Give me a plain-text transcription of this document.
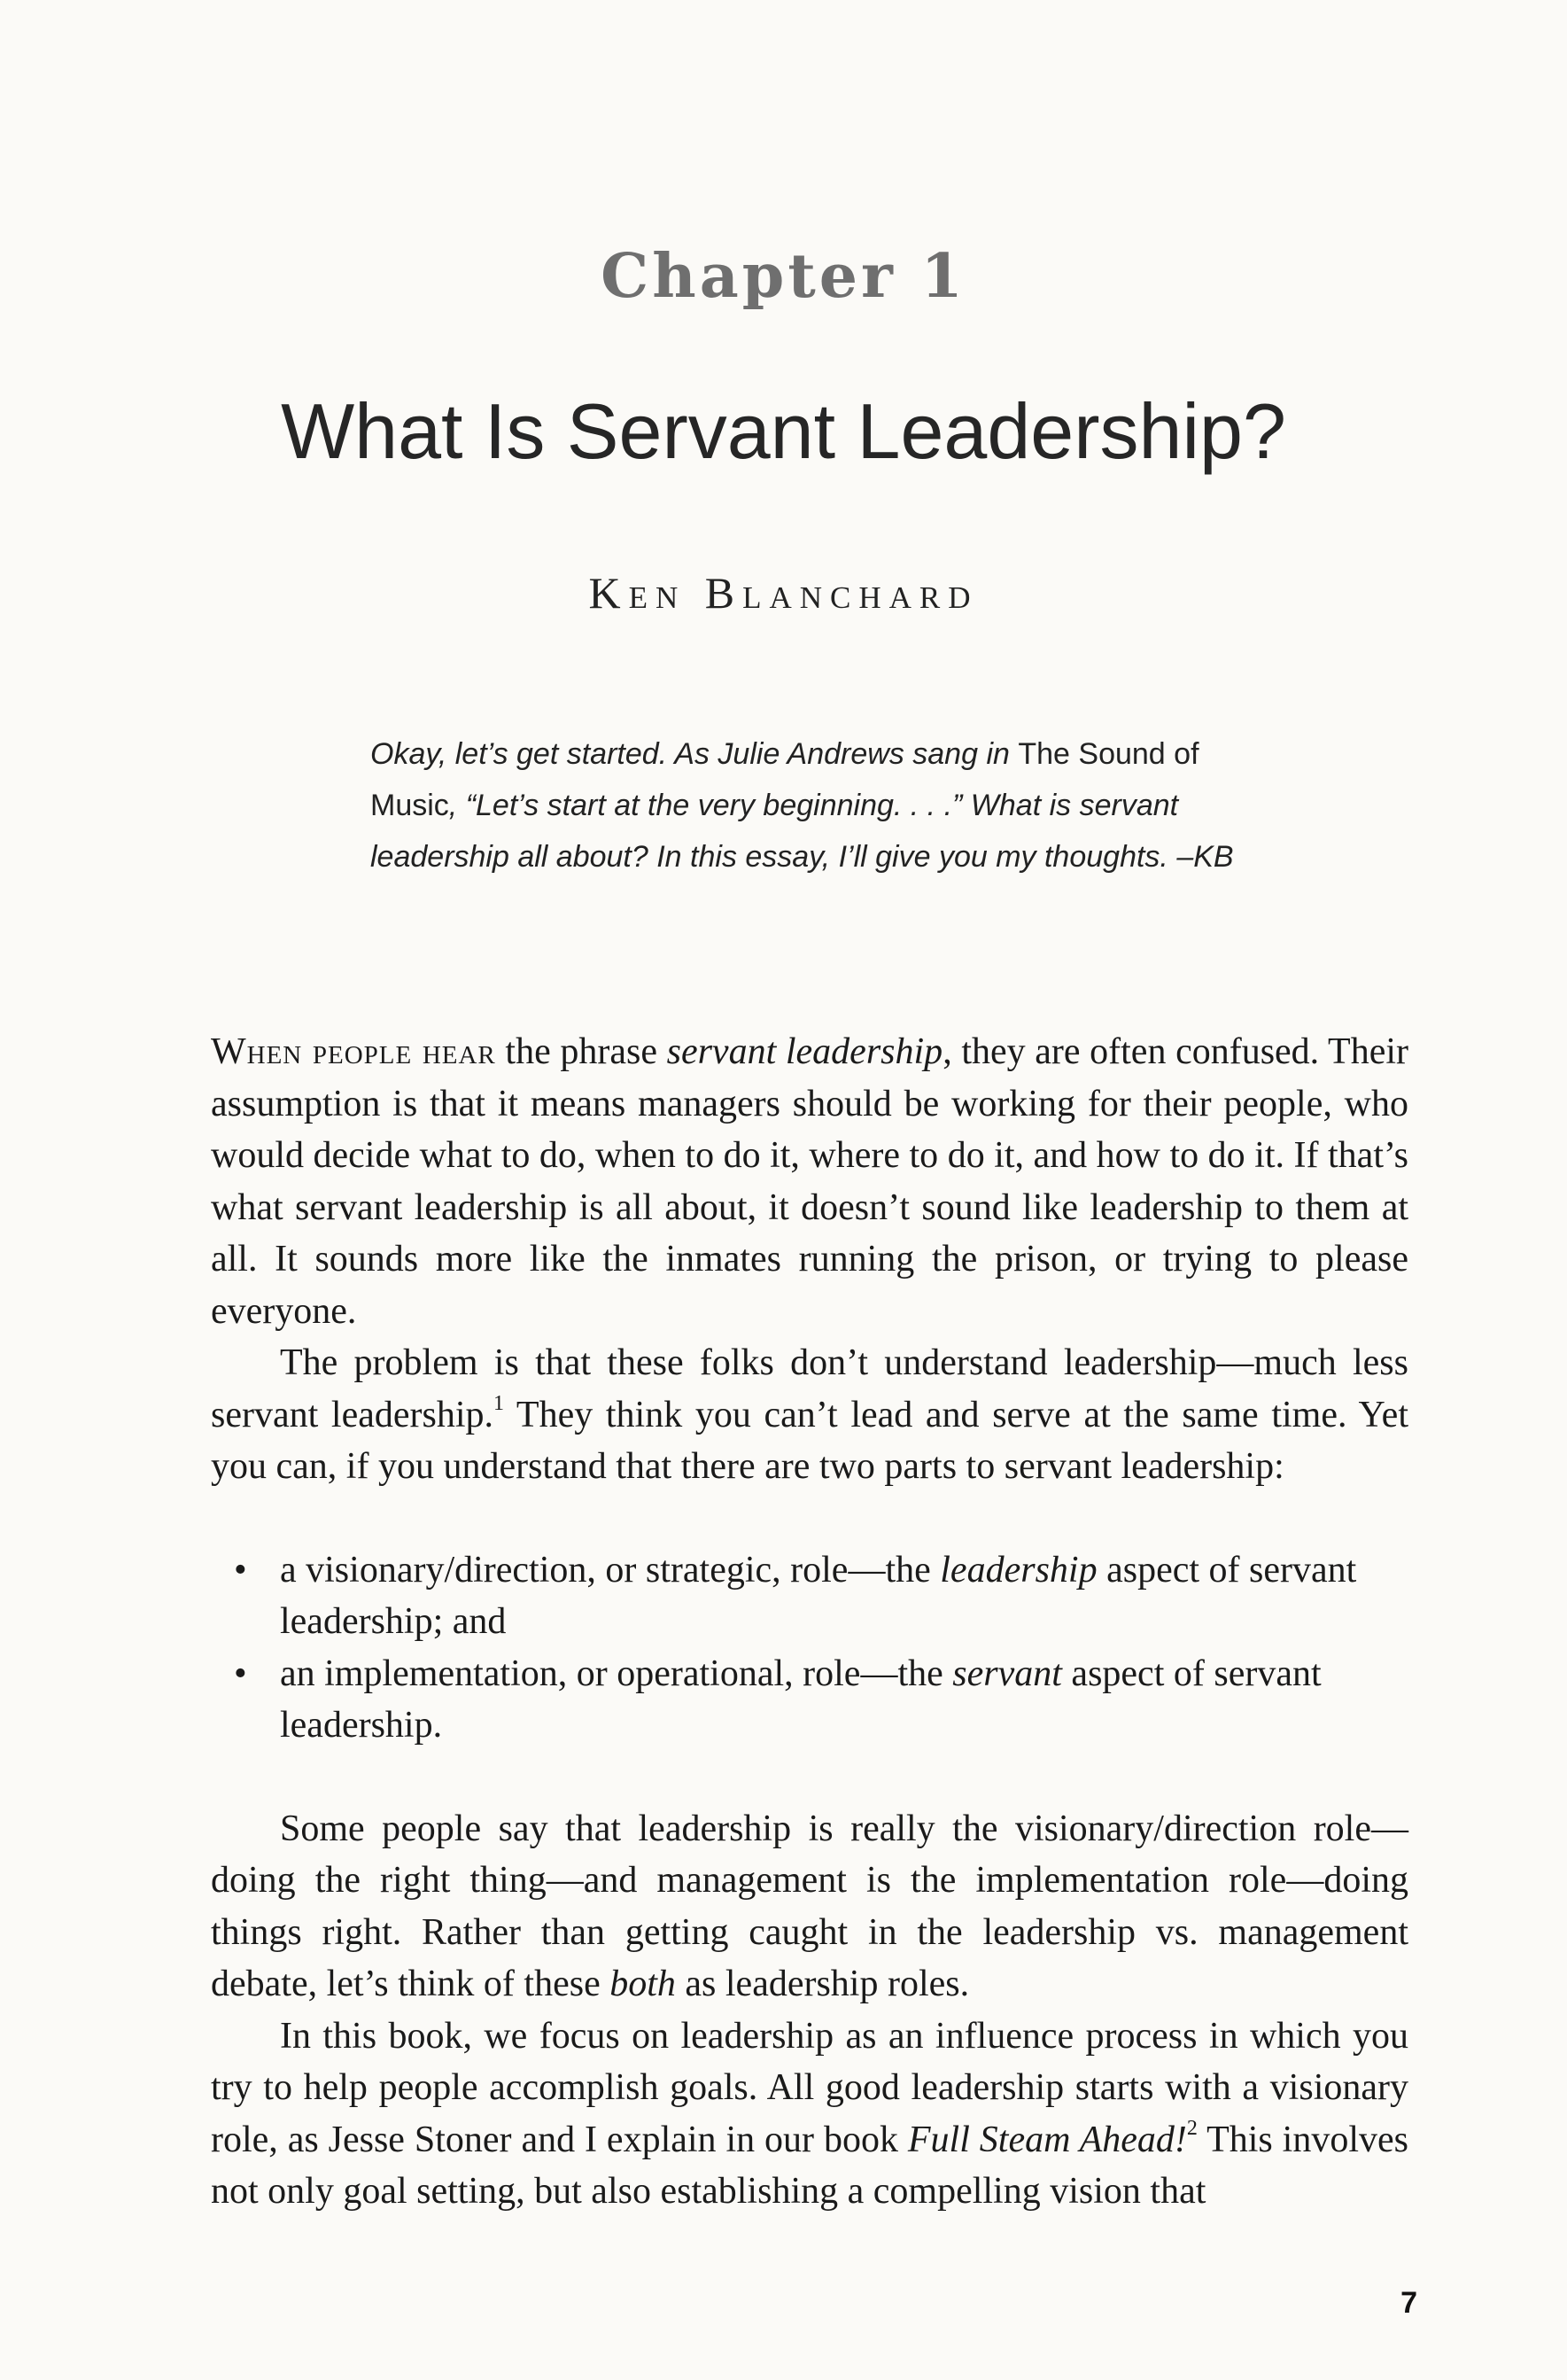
Chapter 1
What Is Servant Leadership?
Ken Blanchard

Okay, let’s get started. As Julie Andrews sang in The Sound of Music, “Let’s start at the very beginning. . . .” What is servant leadership all about? In this essay, I’ll give you my thoughts. –KB

When people hear the phrase servant leadership, they are often confused. Their assumption is that it means managers should be working for their people, who would decide what to do, when to do it, where to do it, and how to do it. If that’s what servant leadership is all about, it doesn’t sound like leadership to them at all. It sounds more like the inmates running the prison, or trying to please everyone.

The problem is that these folks don’t understand leadership—much less servant leadership.$^1$ They think you can’t lead and serve at the same time. Yet you can, if you understand that there are two parts to servant leadership:

• a visionary/direction, or strategic, role—the leadership aspect of servant leadership; and
• an implementation, or operational, role—the servant aspect of servant leadership.

Some people say that leadership is really the visionary/direction role—doing the right thing—and management is the implementation role—doing things right. Rather than getting caught in the leadership vs. management debate, let’s think of these both as leadership roles.

In this book, we focus on leadership as an influence process in which you try to help people accomplish goals. All good leadership starts with a visionary role, as Jesse Stoner and I explain in our book Full Steam Ahead!$^2$ This involves not only goal setting, but also establishing a compelling vision that

7
